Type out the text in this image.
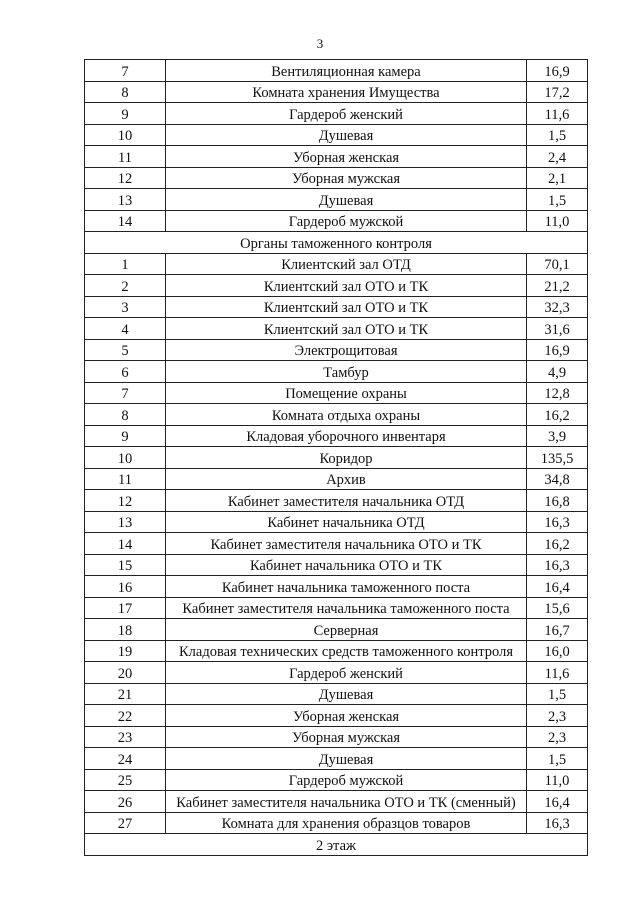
3
7	Вентиляционная камера	16,9
8	Комната хранения Имущества	17,2
9	Гардероб женский	11,6
10	Душевая	1,5
11	Уборная женская	2,4
12	Уборная мужская	2,1
13	Душевая	1,5
14	Гардероб мужской	11,0
Органы таможенного контроля		
1	Клиентский зал ОТД	70,1
2	Клиентский зал ОТО и ТК	21,2
3	Клиентский зал ОТО и ТК	32,3
4	Клиентский зал ОТО и ТК	31,6
5	Электрощитовая	16,9
6	Тамбур	4,9
7	Помещение охраны	12,8
8	Комната отдыха охраны	16,2
9	Кладовая уборочного инвентаря	3,9
10	Коридор	135,5
11	Архив	34,8
12	Кабинет заместителя начальника ОТД	16,8
13	Кабинет начальника ОТД	16,3
14	Кабинет заместителя начальника ОТО и ТК	16,2
15	Кабинет начальника ОТО и ТК	16,3
16	Кабинет начальника таможенного поста	16,4
17	Кабинет заместителя начальника таможенного поста	15,6
18	Серверная	16,7
19	Кладовая технических средств таможенного контроля	16,0
20	Гардероб женский	11,6
21	Душевая	1,5
22	Уборная женская	2,3
23	Уборная мужская	2,3
24	Душевая	1,5
25	Гардероб мужской	11,0
26	Кабинет заместителя начальника ОТО и ТК (сменный)	16,4
27	Комната для хранения образцов товаров	16,3
2 этаж		
